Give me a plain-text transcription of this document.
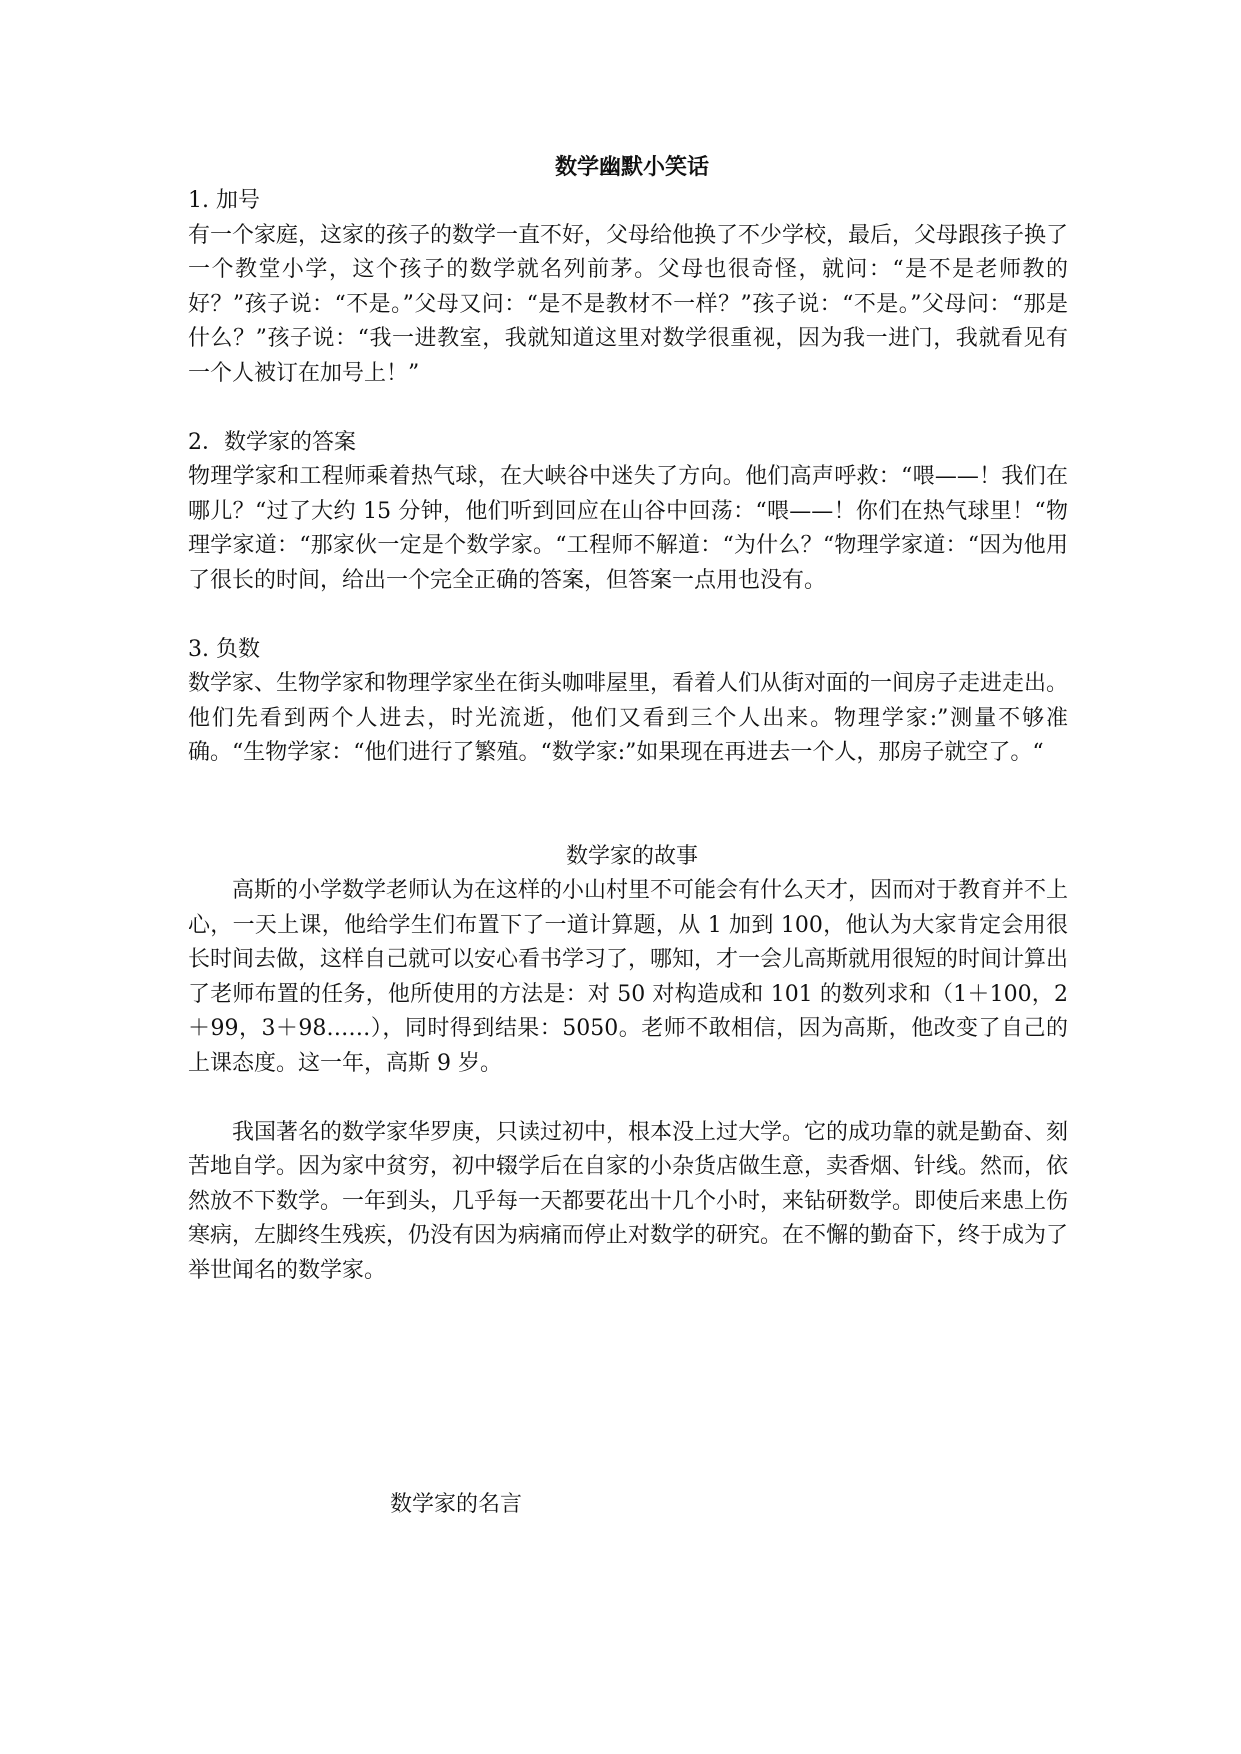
数学幽默小笑话
1. 加号

有一个家庭，这家的孩子的数学一直不好，父母给他换了不少学校，最后，父母跟孩子换了一个教堂小学，这个孩子的数学就名列前茅。父母也很奇怪，就问：“是不是老师教的好？”孩子说：“不是。”父母又问：“是不是教材不一样？”孩子说：“不是。”父母问：“那是什么？”孩子说：“我一进教室，我就知道这里对数学很重视，因为我一进门，我就看见有一个人被订在加号上！”

2．数学家的答案

物理学家和工程师乘着热气球，在大峡谷中迷失了方向。他们高声呼救：“喂——！我们在哪儿？“过了大约 15 分钟，他们听到回应在山谷中回荡：“喂——！你们在热气球里！“物理学家道：“那家伙一定是个数学家。“工程师不解道：“为什么？“物理学家道：“因为他用了很长的时间，给出一个完全正确的答案，但答案一点用也没有。

3. 负数

数学家、生物学家和物理学家坐在街头咖啡屋里，看着人们从街对面的一间房子走进走出。他们先看到两个人进去，时光流逝，他们又看到三个人出来。物理学家:”测量不够准确。“生物学家：“他们进行了繁殖。“数学家:”如果现在再进去一个人，那房子就空了。“

数学家的故事

高斯的小学数学老师认为在这样的小山村里不可能会有什么天才，因而对于教育并不上心，一天上课，他给学生们布置下了一道计算题，从 1 加到 100，他认为大家肯定会用很长时间去做，这样自己就可以安心看书学习了，哪知，才一会儿高斯就用很短的时间计算出了老师布置的任务，他所使用的方法是：对 50 对构造成和 101 的数列求和（1＋100，2＋99，3＋98……），同时得到结果：5050。老师不敢相信，因为高斯，他改变了自己的上课态度。这一年，高斯 9 岁。

我国著名的数学家华罗庚，只读过初中，根本没上过大学。它的成功靠的就是勤奋、刻苦地自学。因为家中贫穷，初中辍学后在自家的小杂货店做生意，卖香烟、针线。然而，依然放不下数学。一年到头，几乎每一天都要花出十几个小时，来钻研数学。即使后来患上伤寒病，左脚终生残疾，仍没有因为病痛而停止对数学的研究。在不懈的勤奋下，终于成为了举世闻名的数学家。

数学家的名言
